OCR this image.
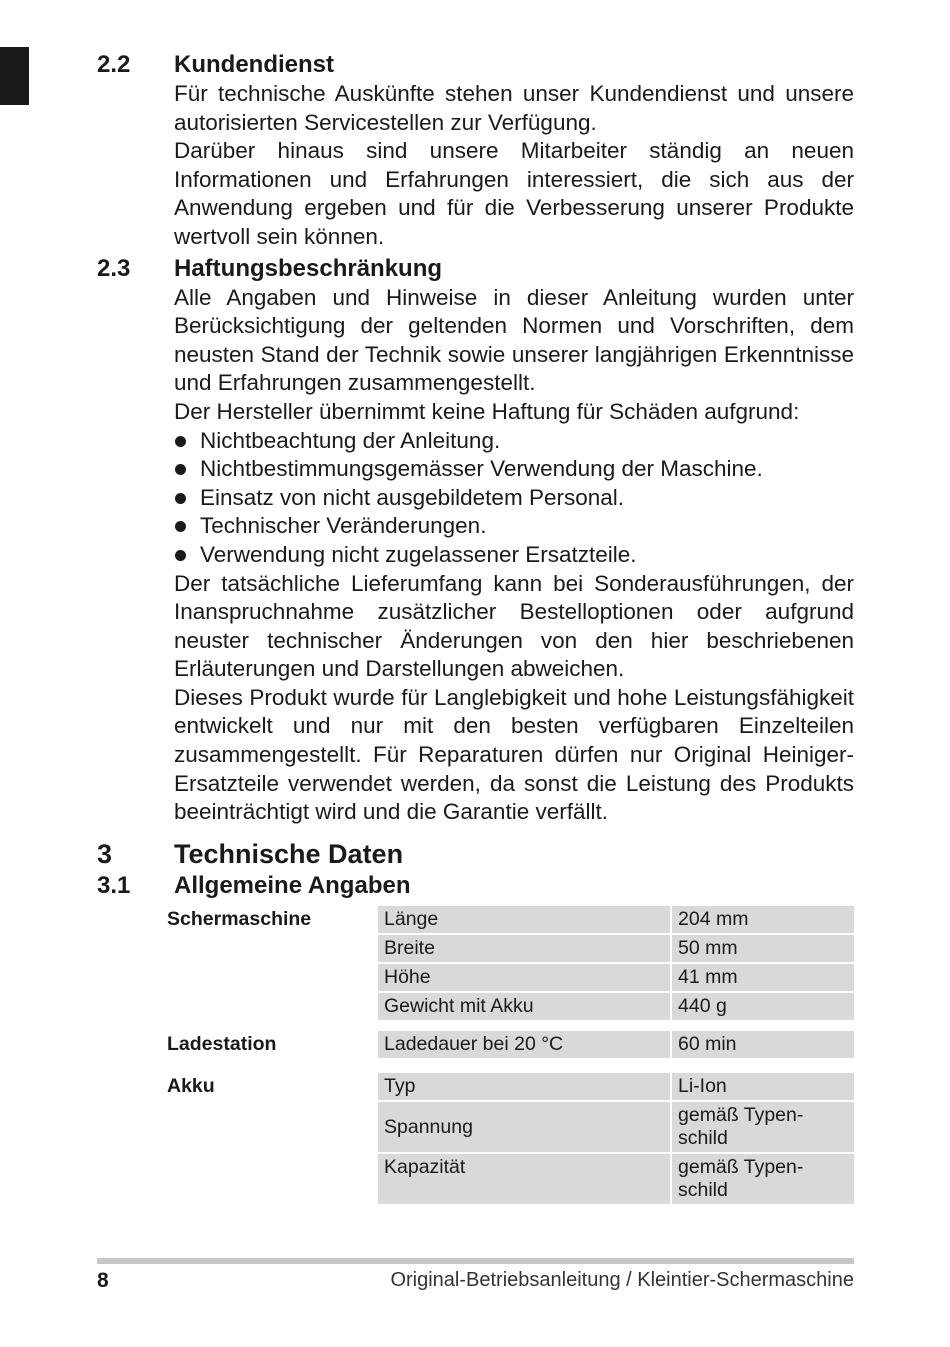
2.2	Kundendienst

Für technische Auskünfte stehen unser Kundendienst und unsere autorisierten Servicestellen zur Verfügung.

Darüber hinaus sind unsere Mitarbeiter ständig an neuen Informationen und Erfahrungen interessiert, die sich aus der Anwendung ergeben und für die Verbesserung unserer Produkte wertvoll sein können.

2.3	Haftungsbeschränkung

Alle Angaben und Hinweise in dieser Anleitung wurden unter Berücksichtigung der geltenden Normen und Vorschriften, dem neusten Stand der Technik sowie unserer langjährigen Erkenntnisse und Erfahrungen zusammengestellt.

Der Hersteller übernimmt keine Haftung für Schäden aufgrund:

Nichtbeachtung der Anleitung.
Nichtbestimmungsgemässer Verwendung der Maschine.
Einsatz von nicht ausgebildetem Personal.
Technischer Veränderungen.
Verwendung nicht zugelassener Ersatzteile.

Der tatsächliche Lieferumfang kann bei Sonderausführungen, der Inanspruchnahme zusätzlicher Bestelloptionen oder aufgrund neuster technischer Änderungen von den hier beschriebenen Erläuterungen und Darstellungen abweichen.

Dieses Produkt wurde für Langlebigkeit und hohe Leistungsfähigkeit entwickelt und nur mit den besten verfügbaren Einzelteilen zusammengestellt. Für Reparaturen dürfen nur Original Heiniger-Ersatzteile verwendet werden, da sonst die Leistung des Produkts beeinträchtigt wird und die Garantie verfällt.

3	Technische Daten
3.1	Allgemeine Angaben
Schermaschine	Länge	204 mm
Breite	50 mm
Höhe	41 mm
Gewicht mit Akku	440 g
Ladestation	Ladedauer bei 20 °C	60 min
Akku	Typ	Li-Ion
Spannung	gemäß Typen-schild
Kapazität	gemäß Typen-schild
8	Original-Betriebsanleitung / Kleintier-Schermaschine
